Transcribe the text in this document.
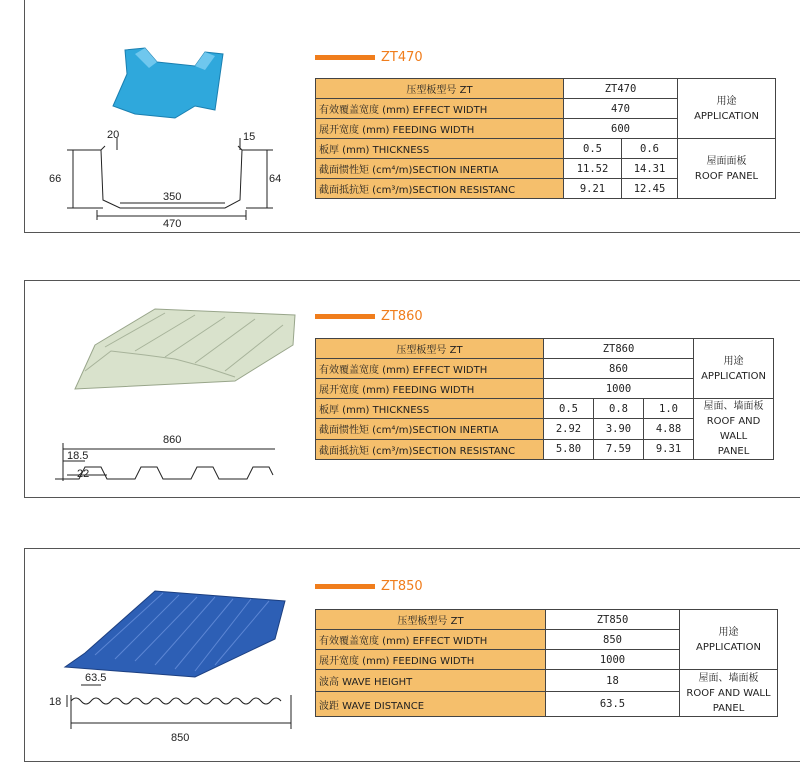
20	15
66	64
350
470
ZT470
压型板型号 ZT	ZT470		用途
APPLICATION

有效覆盖宽度 (mm) EFFECT WIDTH	470		
展开宽度 (mm) FEEDING WIDTH	600		
板厚 (mm) THICKNESS	0.5	0.6	屋面面板
ROOF PANEL

截面惯性矩 (cm⁴/m)SECTION INERTIA	11.52	14.31	
截面抵抗矩 (cm³/m)SECTION RESISTANC	9.21	12.45	
860
18.5
22
ZT860
压型板型号 ZT	ZT860			用途
APPLICATION

有效覆盖宽度 (mm) EFFECT WIDTH	860			
展开宽度 (mm) FEEDING WIDTH	1000			
板厚 (mm) THICKNESS	0.5	0.8	1.0	屋面、墙面板
ROOF AND WALL
PANEL

截面惯性矩 (cm⁴/m)SECTION INERTIA	2.92	3.90	4.88	
截面抵抗矩 (cm³/m)SECTION RESISTANC	5.80	7.59	9.31	
63.5
18
850
ZT850
压型板型号 ZT	ZT850	用途
APPLICATION

有效覆盖宽度 (mm) EFFECT WIDTH	850	
展开宽度 (mm) FEEDING WIDTH	1000	
波高 WAVE HEIGHT	18	屋面、墙面板
ROOF AND WALL
PANEL

波距 WAVE DISTANCE	63.5	
